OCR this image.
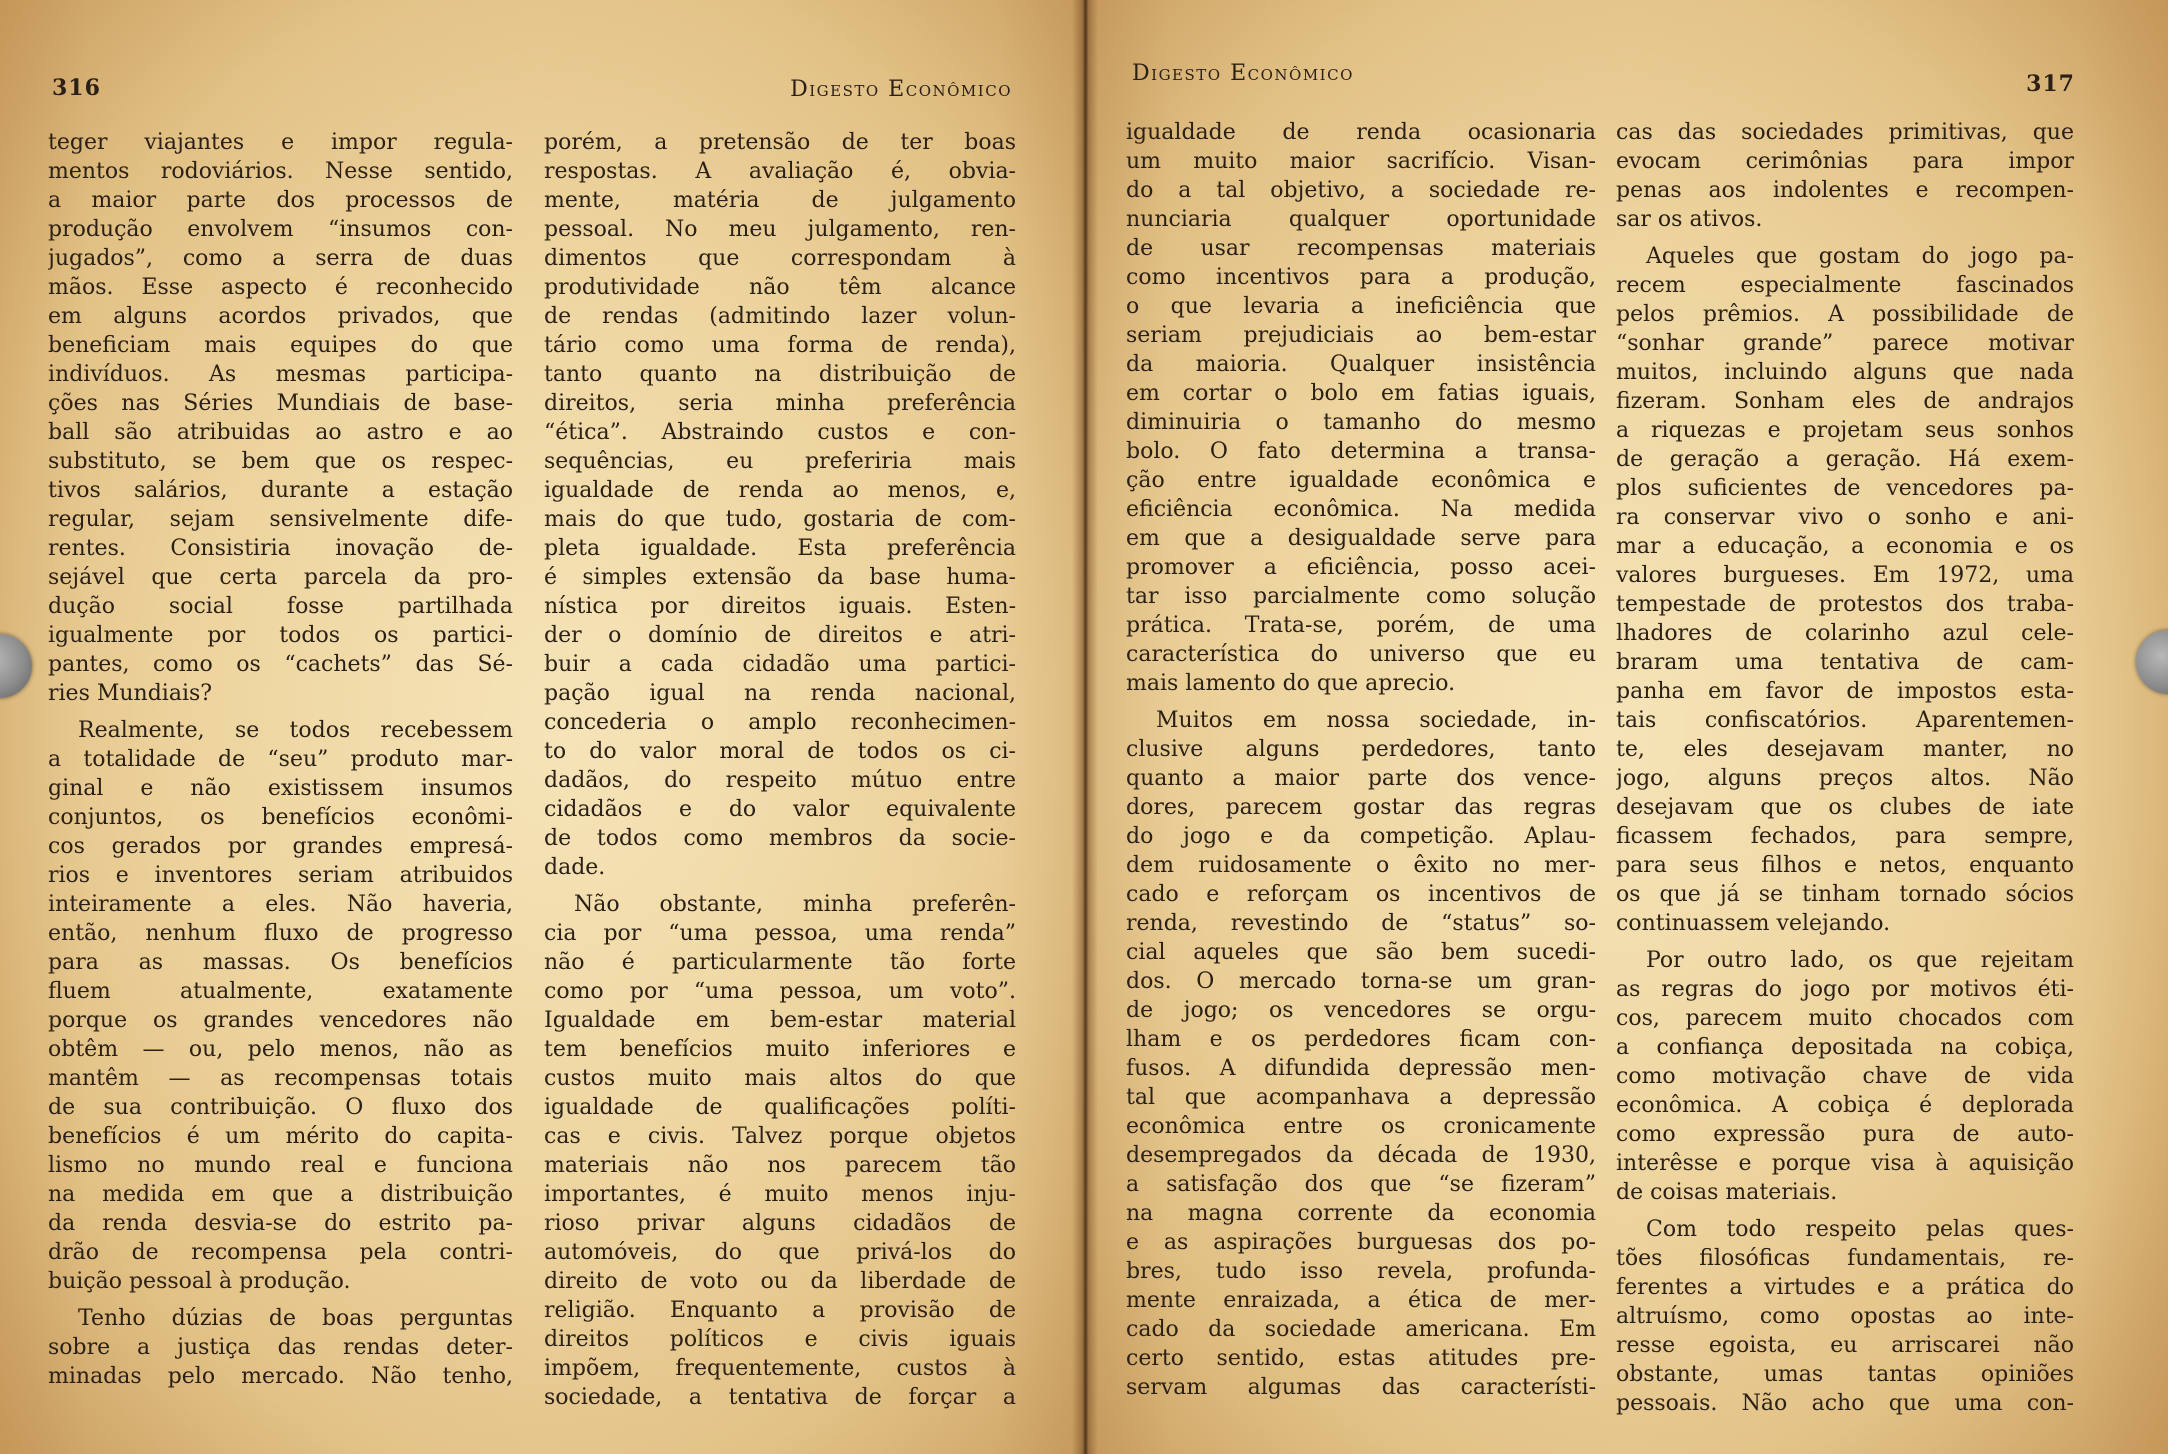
316	Digesto Econômico
teger viajantes e impor regula-
mentos rodoviários. Nesse sentido,
a maior parte dos processos de
produção envolvem “insumos con-
jugados”, como a serra de duas
mãos. Esse aspecto é reconhecido
em alguns acordos privados, que
beneficiam mais equipes do que
indivíduos. As mesmas participa-
ções nas Séries Mundiais de base-
ball são atribuidas ao astro e ao
substituto, se bem que os respec-
tivos salários, durante a estação
regular, sejam sensivelmente dife-
rentes. Consistiria inovação de-
sejável que certa parcela da pro-
dução social fosse partilhada
igualmente por todos os partici-
pantes, como os “cachets” das Sé-
ries Mundiais?
Realmente, se todos recebessem
a totalidade de “seu” produto mar-
ginal e não existissem insumos
conjuntos, os benefícios econômi-
cos gerados por grandes empresá-
rios e inventores seriam atribuidos
inteiramente a eles. Não haveria,
então, nenhum fluxo de progresso
para as massas. Os benefícios
fluem atualmente, exatamente
porque os grandes vencedores não
obtêm — ou, pelo menos, não as
mantêm — as recompensas totais
de sua contribuição. O fluxo dos
benefícios é um mérito do capita-
lismo no mundo real e funciona
na medida em que a distribuição
da renda desvia-se do estrito pa-
drão de recompensa pela contri-
buição pessoal à produção.
Tenho dúzias de boas perguntas
sobre a justiça das rendas deter-
minadas pelo mercado. Não tenho,
porém, a pretensão de ter boas
respostas. A avaliação é, obvia-
mente, matéria de julgamento
pessoal. No meu julgamento, ren-
dimentos que correspondam à
produtividade não têm alcance
de rendas (admitindo lazer volun-
tário como uma forma de renda),
tanto quanto na distribuição de
direitos, seria minha preferência
“ética”. Abstraindo custos e con-
sequências, eu preferiria mais
igualdade de renda ao menos, e,
mais do que tudo, gostaria de com-
pleta igualdade. Esta preferência
é simples extensão da base huma-
nística por direitos iguais. Esten-
der o domínio de direitos e atri-
buir a cada cidadão uma partici-
pação igual na renda nacional,
concederia o amplo reconhecimen-
to do valor moral de todos os ci-
dadãos, do respeito mútuo entre
cidadãos e do valor equivalente
de todos como membros da socie-
dade.
Não obstante, minha preferên-
cia por “uma pessoa, uma renda”
não é particularmente tão forte
como por “uma pessoa, um voto”.
Igualdade em bem-estar material
tem benefícios muito inferiores e
custos muito mais altos do que
igualdade de qualificações políti-
cas e civis. Talvez porque objetos
materiais não nos parecem tão
importantes, é muito menos inju-
rioso privar alguns cidadãos de
automóveis, do que privá-los do
direito de voto ou da liberdade de
religião. Enquanto a provisão de
direitos políticos e civis iguais
impõem, frequentemente, custos à
sociedade, a tentativa de forçar a
Digesto Econômico	317
igualdade de renda ocasionaria
um muito maior sacrifício. Visan-
do a tal objetivo, a sociedade re-
nunciaria qualquer oportunidade
de usar recompensas materiais
como incentivos para a produção,
o que levaria a ineficiência que
seriam prejudiciais ao bem-estar
da maioria. Qualquer insistência
em cortar o bolo em fatias iguais,
diminuiria o tamanho do mesmo
bolo. O fato determina a transa-
ção entre igualdade econômica e
eficiência econômica. Na medida
em que a desigualdade serve para
promover a eficiência, posso acei-
tar isso parcialmente como solução
prática. Trata-se, porém, de uma
característica do universo que eu
mais lamento do que aprecio.
Muitos em nossa sociedade, in-
clusive alguns perdedores, tanto
quanto a maior parte dos vence-
dores, parecem gostar das regras
do jogo e da competição. Aplau-
dem ruidosamente o êxito no mer-
cado e reforçam os incentivos de
renda, revestindo de “status” so-
cial aqueles que são bem sucedi-
dos. O mercado torna-se um gran-
de jogo; os vencedores se orgu-
lham e os perdedores ficam con-
fusos. A difundida depressão men-
tal que acompanhava a depressão
econômica entre os cronicamente
desempregados da década de 1930,
a satisfação dos que “se fizeram”
na magna corrente da economia
e as aspirações burguesas dos po-
bres, tudo isso revela, profunda-
mente enraizada, a ética de mer-
cado da sociedade americana. Em
certo sentido, estas atitudes pre-
servam algumas das característi-
cas das sociedades primitivas, que
evocam cerimônias para impor
penas aos indolentes e recompen-
sar os ativos.
Aqueles que gostam do jogo pa-
recem especialmente fascinados
pelos prêmios. A possibilidade de
“sonhar grande” parece motivar
muitos, incluindo alguns que nada
fizeram. Sonham eles de andrajos
a riquezas e projetam seus sonhos
de geração a geração. Há exem-
plos suficientes de vencedores pa-
ra conservar vivo o sonho e ani-
mar a educação, a economia e os
valores burgueses. Em 1972, uma
tempestade de protestos dos traba-
lhadores de colarinho azul cele-
braram uma tentativa de cam-
panha em favor de impostos esta-
tais confiscatórios. Aparentemen-
te, eles desejavam manter, no
jogo, alguns preços altos. Não
desejavam que os clubes de iate
ficassem fechados, para sempre,
para seus filhos e netos, enquanto
os que já se tinham tornado sócios
continuassem velejando.
Por outro lado, os que rejeitam
as regras do jogo por motivos éti-
cos, parecem muito chocados com
a confiança depositada na cobiça,
como motivação chave de vida
econômica. A cobiça é deplorada
como expressão pura de auto-
interêsse e porque visa à aquisição
de coisas materiais.
Com todo respeito pelas ques-
tões filosóficas fundamentais, re-
ferentes a virtudes e a prática do
altruísmo, como opostas ao inte-
resse egoista, eu arriscarei não
obstante, umas tantas opiniões
pessoais. Não acho que uma con-
